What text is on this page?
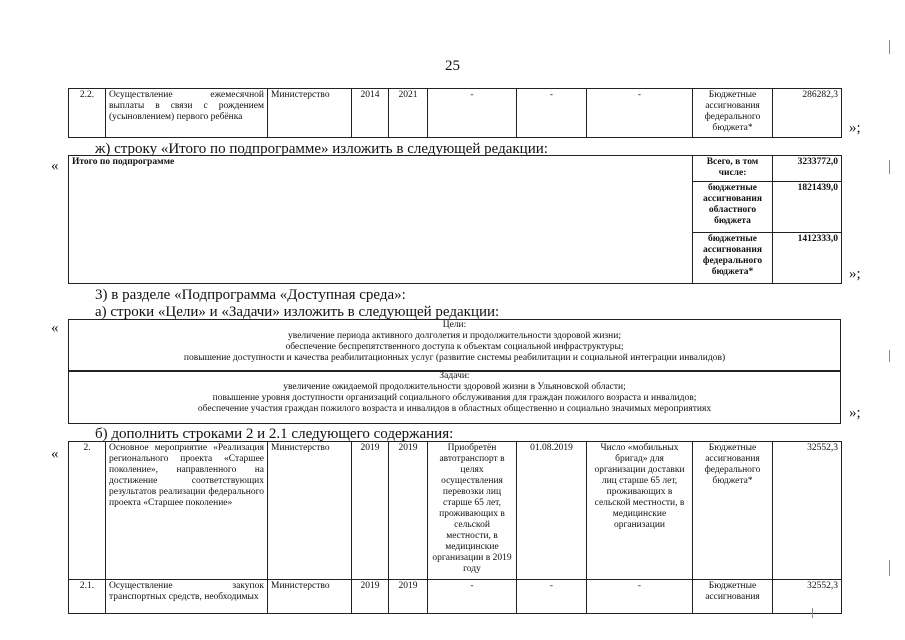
25
2.2.	Осуществление ежемесячной выплаты в связи с рождением (усыновлением) первого ребёнка	Министерство	2014	2021	-	-	-	Бюджетные ассигнования федерального бюджета*	286282,3
»;
ж) строку «Итого по подпрограмме» изложить в следующей редакции:
« Итого по подпрограмме	Всего, в том числе:	3233772,0
	бюджетные ассигнования областного бюджета	1821439,0
	бюджетные ассигнования федерального бюджета*	1412333,0
»;
3) в разделе «Подпрограмма «Доступная среда»:
а) строки «Цели» и «Задачи» изложить в следующей редакции:
«	Цели:
увеличение периода активного долголетия и продолжительности здоровой жизни;
обеспечение беспрепятственного доступа к объектам социальной инфраструктуры;
повышение доступности и качества реабилитационных услуг (развитие системы реабилитации и социальной интеграции инвалидов)
Задачи:
увеличение ожидаемой продолжительности здоровой жизни в Ульяновской области;
повышение уровня доступности организаций социального обслуживания для граждан пожилого возраста и инвалидов;
обеспечение участия граждан пожилого возраста и инвалидов в областных общественно и социально значимых мероприятиях	»;
б) дополнить строками 2 и 2.1 следующего содержания:
«	2.	Основное мероприятие «Реализация регионального проекта «Старшее поколение», направленного на достижение соответствующих результатов реализации федерального проекта «Старшее поколение»	Министерство	2019	2019	Приобретён автотранспорт в целях осуществления перевозки лиц старше 65 лет, проживающих в сельской местности, в медицинские организации в 2019 году	01.08.2019	Число «мобильных бригад» для организации доставки лиц старше 65 лет, проживающих в сельской местности, в медицинские организации	Бюджетные ассигнования федерального бюджета*	32552,3
2.1.	Осуществление закупок транспортных средств, необходимых	Министерство	2019	2019	-	-	-	Бюджетные ассигнования	32552,3
